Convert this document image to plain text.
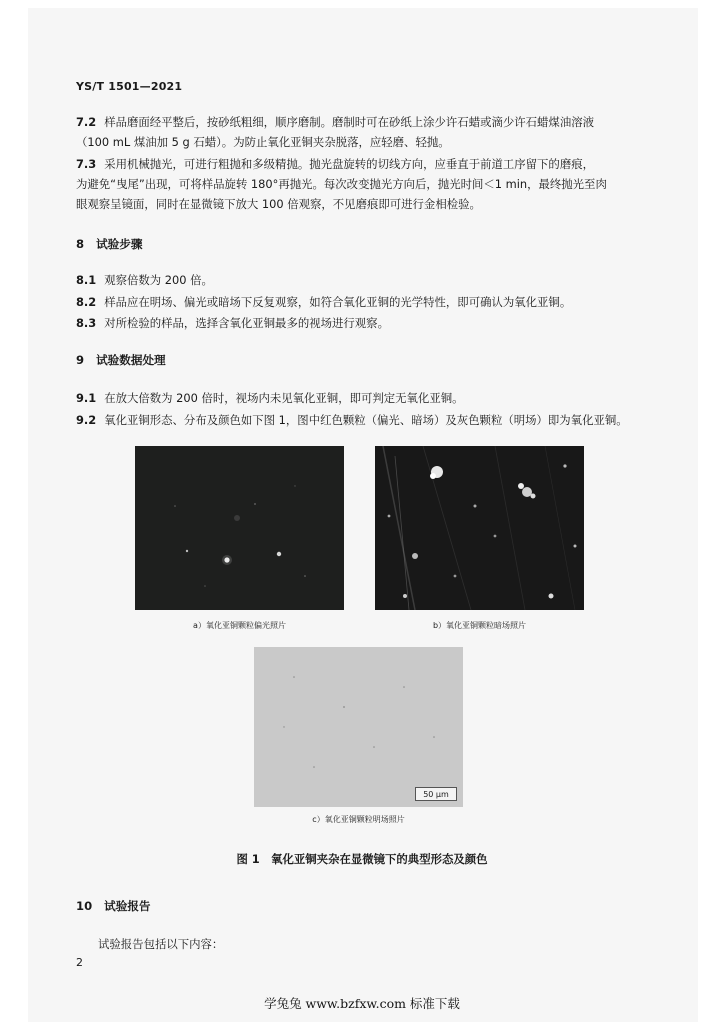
YS/T 1501—2021
7.2 样品磨面经平整后，按砂纸粗细，顺序磨制。磨制时可在砂纸上涂少许石蜡或滴少许石蜡煤油溶液
（100 mL 煤油加 5 g 石蜡）。为防止氧化亚铜夹杂脱落，应轻磨、轻抛。
7.3 采用机械抛光，可进行粗抛和多级精抛。抛光盘旋转的切线方向，应垂直于前道工序留下的磨痕，
为避免“曳尾”出现，可将样品旋转 180°再抛光。每次改变抛光方向后，抛光时间＜1 min，最终抛光至肉
眼观察呈镜面，同时在显微镜下放大 100 倍观察，不见磨痕即可进行金相检验。
8 试验步骤
8.1 观察倍数为 200 倍。
8.2 样品应在明场、偏光或暗场下反复观察，如符合氧化亚铜的光学特性，即可确认为氧化亚铜。
8.3 对所检验的样品，选择含氧化亚铜最多的视场进行观察。
9 试验数据处理
9.1 在放大倍数为 200 倍时，视场内未见氧化亚铜，即可判定无氧化亚铜。
9.2 氧化亚铜形态、分布及颜色如下图 1，图中红色颗粒（偏光、暗场）及灰色颗粒（明场）即为氧化亚铜。
a）氧化亚铜颗粒偏光照片	b）氧化亚铜颗粒暗场照片
50 μm
c）氧化亚铜颗粒明场照片
图 1　氧化亚铜夹杂在显微镜下的典型形态及颜色
10 试验报告
试验报告包括以下内容：
2
学兔兔 www.bzfxw.com 标准下载
